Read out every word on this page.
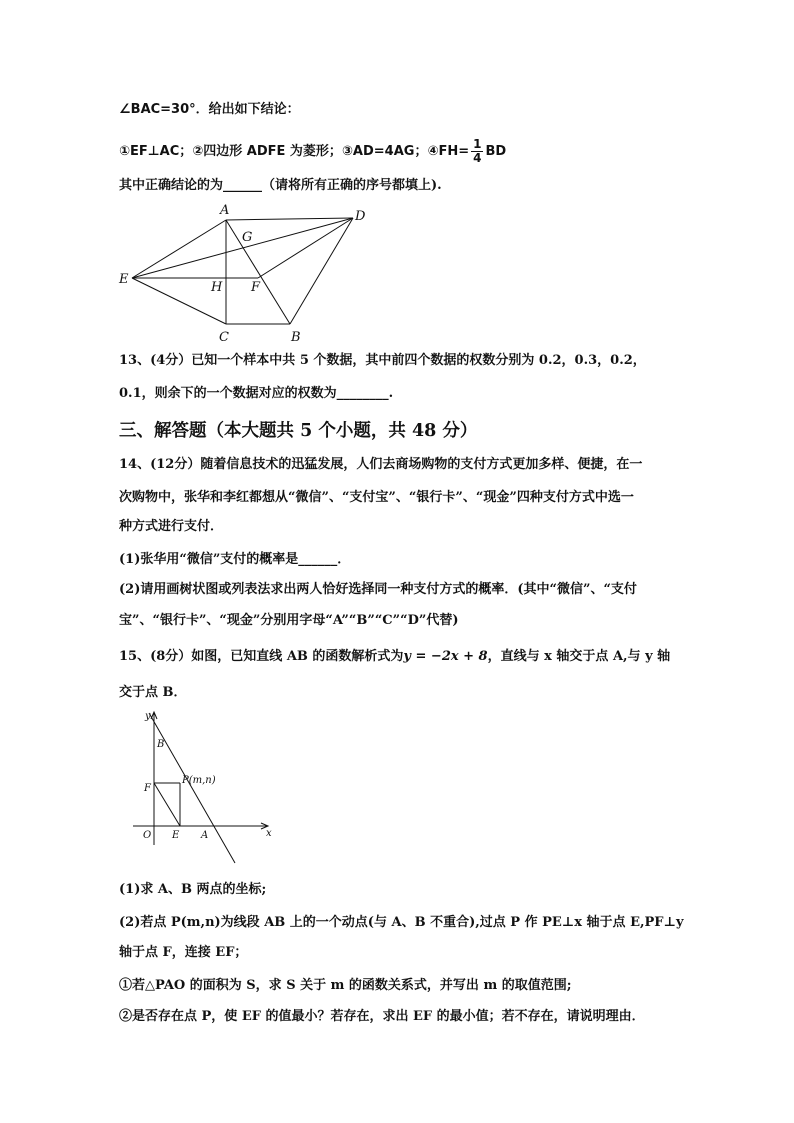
∠BAC=30°．给出如下结论：
①EF⊥AC；②四边形 ADFE 为菱形；③AD=4AG；④FH= $\frac{1}{4}$ BD
其中正确结论的为______（请将所有正确的序号都填上).
A	D
G
E
H F
C	B
13、(4分）已知一个样本中共 5 个数据，其中前四个数据的权数分别为 0.2，0.3，0.2，
0.1，则余下的一个数据对应的权数为________.
三、解答题（本大题共 5 个小题，共 48 分）
14、(12分）随着信息技术的迅猛发展，人们去商场购物的支付方式更加多样、便捷，在一
次购物中，张华和李红都想从“微信”、“支付宝”、“银行卡”、“现金”四种支付方式中选一
种方式进行支付．
(1)张华用“微信”支付的概率是______．
(2)请用画树状图或列表法求出两人恰好选择同一种支付方式的概率．(其中“微信”、“支付
宝”、“银行卡”、“现金”分别用字母“A”“B”“C”“D”代替)
15、(8分）如图，已知直线 AB 的函数解析式为y = −2x + 8，直线与 x 轴交于点 A,与 y 轴
交于点 B．
y
x
B
F
P(m,n)
O E A
(1)求 A、B 两点的坐标;
(2)若点 P(m,n)为线段 AB 上的一个动点(与 A、B 不重合),过点 P 作 PE⊥x 轴于点 E,PF⊥y
轴于点 F，连接 EF；
①若△PAO 的面积为 S，求 S 关于 m 的函数关系式，并写出 m 的取值范围;
②是否存在点 P，使 EF 的值最小？若存在，求出 EF 的最小值；若不存在，请说明理由．
